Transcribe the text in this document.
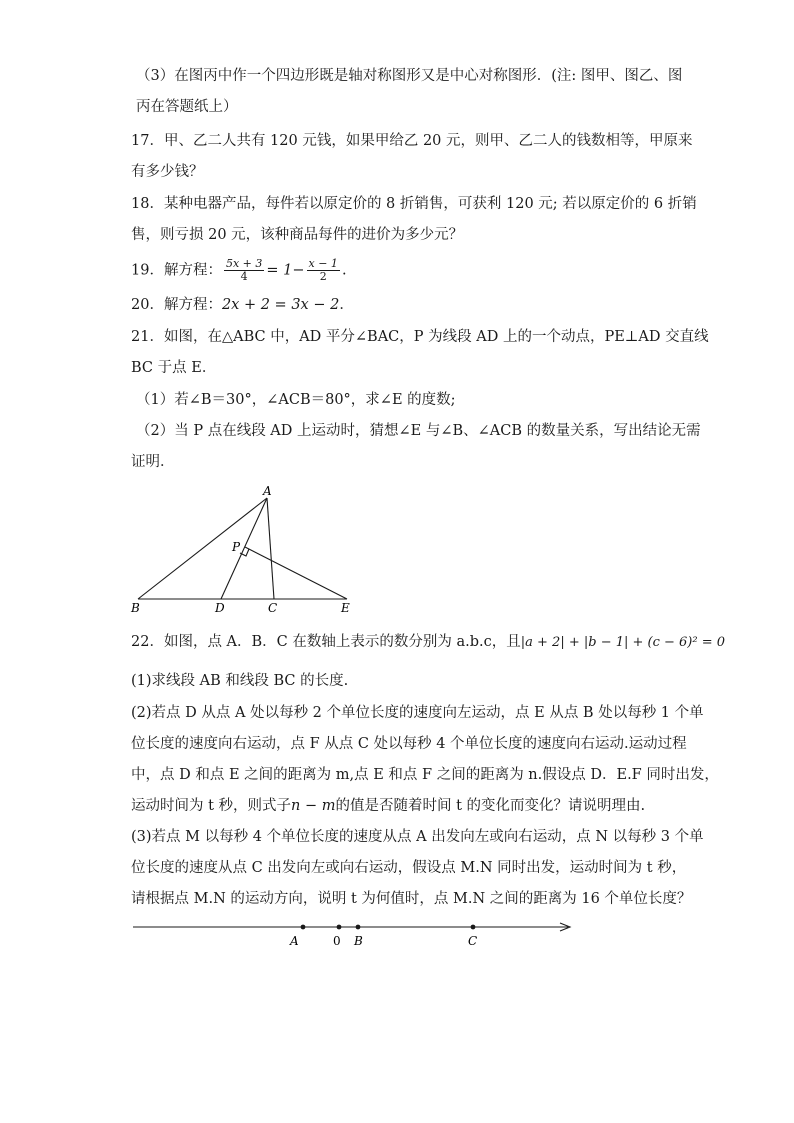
（3）在图丙中作一个四边形既是轴对称图形又是中心对称图形．(注: 图甲、图乙、图
丙在答题纸上）
17．甲、乙二人共有 120 元钱，如果甲给乙 20 元，则甲、乙二人的钱数相等，甲原来
有多少钱？
18．某种电器产品，每件若以原定价的 8 折销售，可获利 120 元; 若以原定价的 6 折销
售，则亏损 20 元，该种商品每件的进价为多少元？
19．解方程： $\frac{5x + 3}{4} = 1- \frac{x - 1}{2}$ .
20．解方程：2x + 2 = 3x − 2．
21．如图，在△ABC 中，AD 平分∠BAC，P 为线段 AD 上的一个动点，PE⊥AD 交直线
BC 于点 E．
（1）若∠B＝30°，∠ACB＝80°，求∠E 的度数;
（2）当 P 点在线段 AD 上运动时，猜想∠E 与∠B、∠ACB 的数量关系，写出结论无需
证明．
A
P
B	D	C	E
22．如图，点 A．B．C 在数轴上表示的数分别为 a.b.c，且|a + 2| + |b − 1| + (c − 6)² = 0
(1)求线段 AB 和线段 BC 的长度.
(2)若点 D 从点 A 处以每秒 2 个单位长度的速度向左运动，点 E 从点 B 处以每秒 1 个单
位长度的速度向右运动，点 F 从点 C 处以每秒 4 个单位长度的速度向右运动.运动过程
中，点 D 和点 E 之间的距离为 m,点 E 和点 F 之间的距离为 n.假设点 D．E.F 同时出发，
运动时间为 t 秒，则式子n − m的值是否随着时间 t 的变化而变化？请说明理由.
(3)若点 M 以每秒 4 个单位长度的速度从点 A 出发向左或向右运动，点 N 以每秒 3 个单
位长度的速度从点 C 出发向左或向右运动，假设点 M.N 同时出发，运动时间为 t 秒，
请根据点 M.N 的运动方向，说明 t 为何值时，点 M.N 之间的距离为 16 个单位长度？
A	0 B	C
